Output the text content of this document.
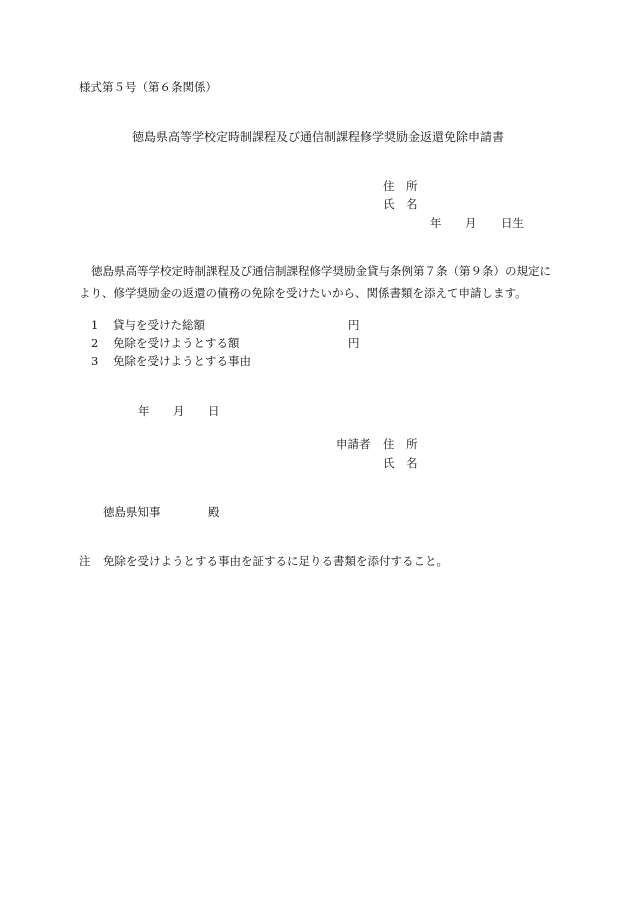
様式第５号（第６条関係）
徳島県高等学校定時制課程及び通信制課程修学奨励金返還免除申請書
住　所
氏　名
年 月 日生
徳島県高等学校定時制課程及び通信制課程修学奨励金貸与条例第７条（第９条）の規定に
より、修学奨励金の返還の債務の免除を受けたいから、関係書類を添えて申請します。
1 貸与を受けた総額	円
2 免除を受けようとする額	円
3 免除を受けようとする事由
年 月 日
申請者 住　所
氏　名
徳島県知事	殿
注 免除を受けようとする事由を証するに足りる書類を添付すること。
